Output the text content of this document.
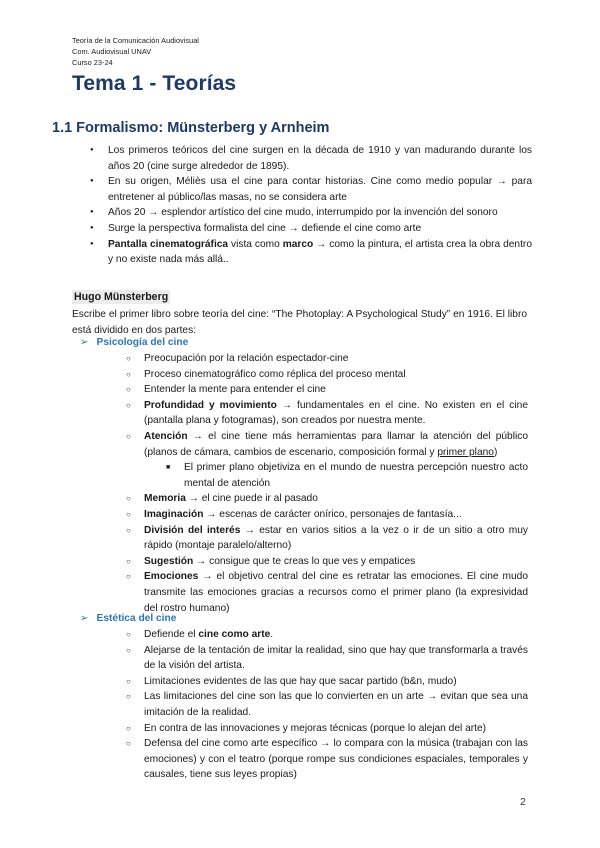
Teoría de la Comunicación Audiovisual
Com. Audiovisual UNAV
Curso 23-24
Tema 1 - Teorías
1.1 Formalismo: Münsterberg y Arnheim
● Los primeros teóricos del cine surgen en la década de 1910 y van madurando durante los años 20 (cine surge alrededor de 1895).
● En su origen, Méliès usa el cine para contar historias. Cine como medio popular → para entretener al público/las masas, no se considera arte
● Años 20 → esplendor artístico del cine mudo, interrumpido por la invención del sonoro
● Surge la perspectiva formalista del cine → defiende el cine como arte
● Pantalla cinematográfica vista como marco → como la pintura, el artista crea la obra dentro y no existe nada más allá..
Hugo Münsterberg

Escribe el primer libro sobre teoría del cine: “The Photoplay: A Psychological Study” en 1916. El libro está dividido en dos partes:

➢ Psicología del cine
○ Preocupación por la relación espectador-cine
○ Proceso cinematográfico como réplica del proceso mental
○ Entender la mente para entender el cine
○ Profundidad y movimiento → fundamentales en el cine. No existen en el cine (pantalla plana y fotogramas), son creados por nuestra mente.
○ Atención → el cine tiene más herramientas para llamar la atención del público (planos de cámara, cambios de escenario, composición formal y primer plano)
■ El primer plano objetiviza en el mundo de nuestra percepción nuestro acto mental de atención
○ Memoria → el cine puede ir al pasado
○ Imaginación → escenas de carácter onírico, personajes de fantasía...
○ División del interés → estar en varios sitios a la vez o ir de un sitio a otro muy rápido (montaje paralelo/alterno)
○ Sugestión → consigue que te creas lo que ves y empatices
○ Emociones → el objetivo central del cine es retratar las emociones. El cine mudo transmite las emociones gracias a recursos como el primer plano (la expresividad del rostro humano)
➢ Estética del cine
○ Defiende el cine como arte.
○ Alejarse de la tentación de imitar la realidad, sino que hay que transformarla a través de la visión del artista.
○ Limitaciones evidentes de las que hay que sacar partido (b&n, mudo)
○ Las limitaciones del cine son las que lo convierten en un arte → evitan que sea una imitación de la realidad.
○ En contra de las innovaciones y mejoras técnicas (porque lo alejan del arte)
○ Defensa del cine como arte específico → lo compara con la música (trabajan con las emociones) y con el teatro (porque rompe sus condiciones espaciales, temporales y causales, tiene sus leyes propias)
2
